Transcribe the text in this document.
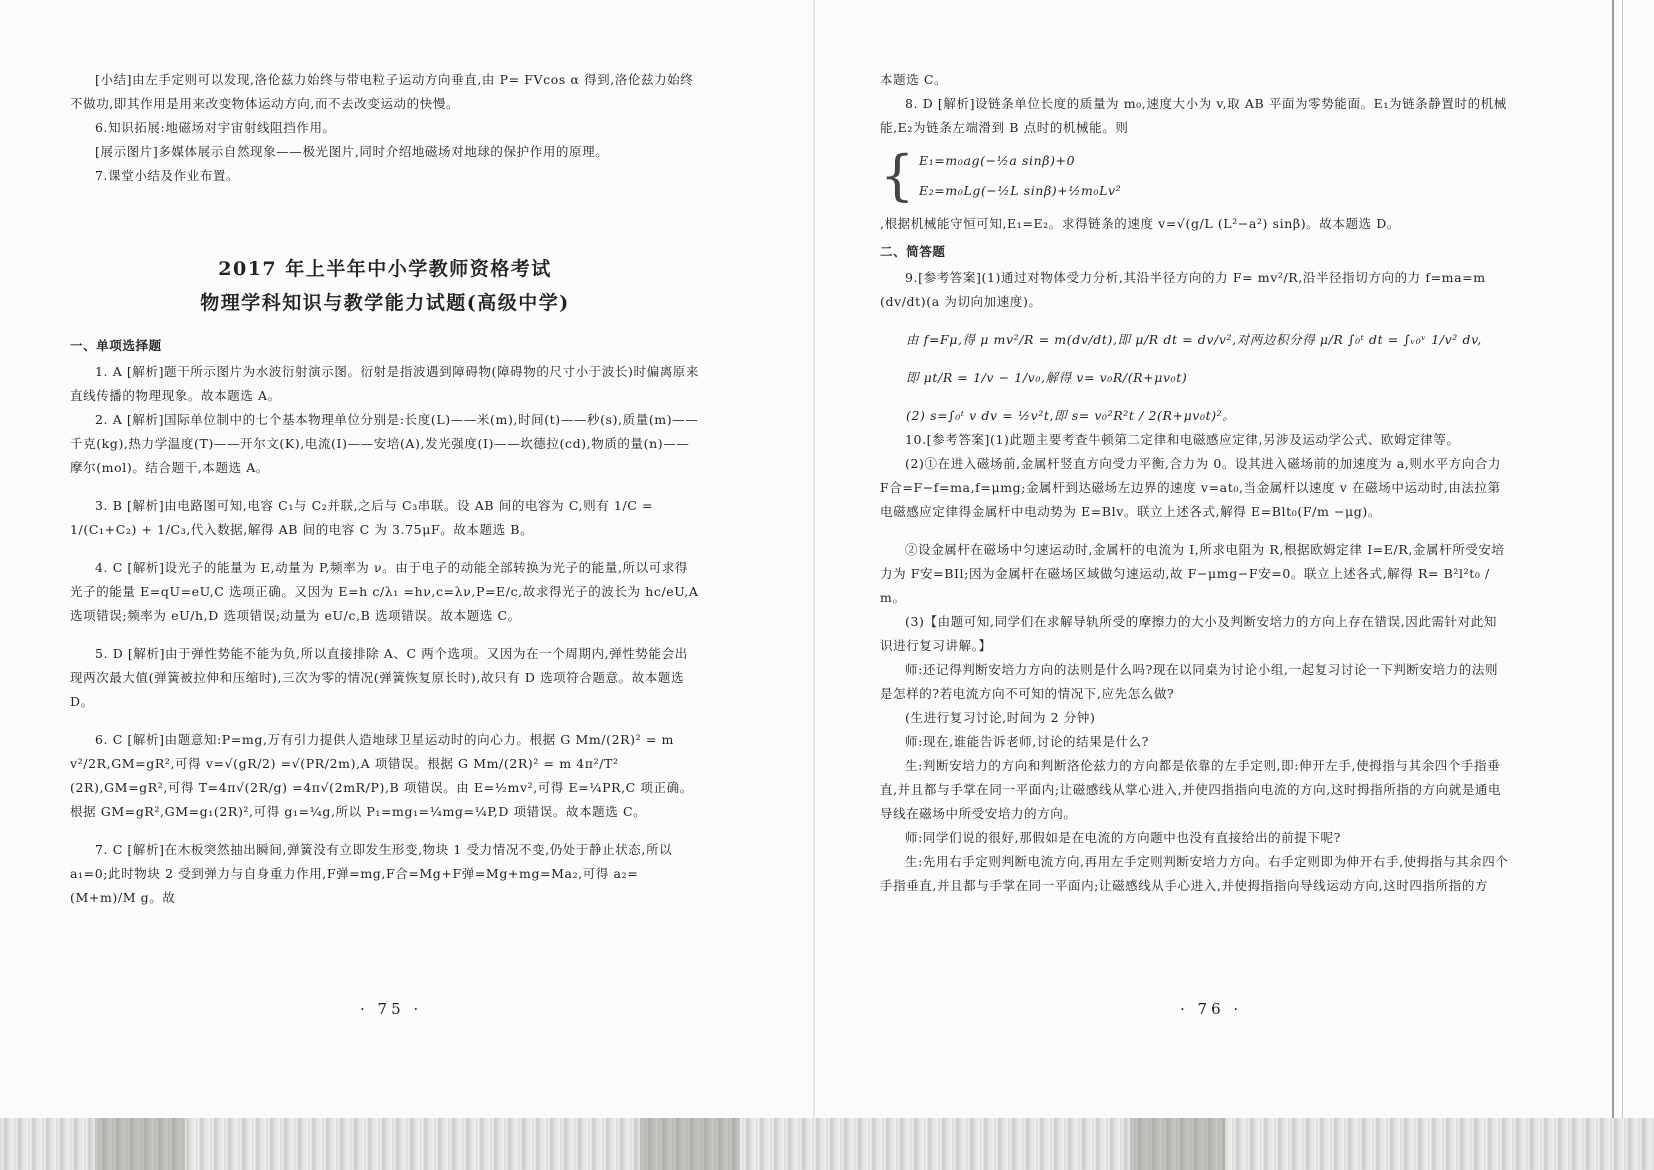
[小结]由左手定则可以发现,洛伦兹力始终与带电粒子运动方向垂直,由 P= FVcos α 得到,洛伦兹力始终不做功,即其作用是用来改变物体运动方向,而不去改变运动的快慢。

6.知识拓展:地磁场对宇宙射线阻挡作用。

[展示图片]多媒体展示自然现象——极光图片,同时介绍地磁场对地球的保护作用的原理。

7.课堂小结及作业布置。

2017 年上半年中小学教师资格考试
物理学科知识与教学能力试题(高级中学)

一、单项选择题

1. A [解析]题干所示图片为水波衍射演示图。衍射是指波遇到障碍物(障碍物的尺寸小于波长)时偏离原来直线传播的物理现象。故本题选 A。

2. A [解析]国际单位制中的七个基本物理单位分别是:长度(L)——米(m),时间(t)——秒(s),质量(m)——千克(kg),热力学温度(T)——开尔文(K),电流(I)——安培(A),发光强度(I)——坎德拉(cd),物质的量(n)——摩尔(mol)。结合题干,本题选 A。

3. B [解析]由电路图可知,电容 C₁与 C₂并联,之后与 C₃串联。设 AB 间的电容为 C,则有 1/C = 1/(C₁+C₂) + 1/C₃,代入数据,解得 AB 间的电容 C 为 3.75μF。故本题选 B。

4. C [解析]设光子的能量为 E,动量为 P,频率为 ν。由于电子的动能全部转换为光子的能量,所以可求得光子的能量 E=qU=eU,C 选项正确。又因为 E=h c/λ₁ =hν,c=λν,P=E/c,故求得光子的波长为 hc/eU,A 选项错误;频率为 eU/h,D 选项错误;动量为 eU/c,B 选项错误。故本题选 C。

5. D [解析]由于弹性势能不能为负,所以直接排除 A、C 两个选项。又因为在一个周期内,弹性势能会出现两次最大值(弹簧被拉伸和压缩时),三次为零的情况(弹簧恢复原长时),故只有 D 选项符合题意。故本题选 D。

6. C [解析]由题意知:P=mg,万有引力提供人造地球卫星运动时的向心力。根据 G Mm/(2R)² = m v²/2R,GM=gR²,可得 v=√(gR/2) =√(PR/2m),A 项错误。根据 G Mm/(2R)² = m 4π²/T² (2R),GM=gR²,可得 T=4π√(2R/g) =4π√(2mR/P),B 项错误。由 E=½mv²,可得 E=¼PR,C 项正确。根据 GM=gR²,GM=g₁(2R)²,可得 g₁=¼g,所以 P₁=mg₁=¼mg=¼P,D 项错误。故本题选 C。

7. C [解析]在木板突然抽出瞬间,弹簧没有立即发生形变,物块 1 受力情况不变,仍处于静止状态,所以 a₁=0;此时物块 2 受到弹力与自身重力作用,F弹=mg,F合=Mg+F弹=Mg+mg=Ma₂,可得 a₂= (M+m)/M g。故

· 75 ·

本题选 C。

8. D [解析]设链条单位长度的质量为 m₀,速度大小为 v,取 AB 平面为零势能面。E₁为链条静置时的机械能,E₂为链条左端滑到 B 点时的机械能。则

{ E₁=m₀ag(−½a sinβ)+0
E₂=m₀Lg(−½L sinβ)+½m₀Lv²

,根据机械能守恒可知,E₁=E₂。求得链条的速度 v=√(g/L (L²−a²) sinβ)。故本题选 D。

二、简答题

9.[参考答案](1)通过对物体受力分析,其沿半径方向的力 F= mv²/R,沿半径指切方向的力 f=ma=m (dv/dt)(a 为切向加速度)。

由 f=Fμ,得 μ mv²/R = m(dv/dt),即 μ/R dt = dv/v²,对两边积分得 μ/R ∫₀ᵗ dt = ∫ᵥ₀ᵛ 1/v² dv,

即 μt/R = 1/v − 1/v₀,解得 v= v₀R/(R+μv₀t)

(2) s=∫₀ᵗ v dv = ½v²t,即 s= v₀²R²t / 2(R+μv₀t)²。

10.[参考答案](1)此题主要考查牛顿第二定律和电磁感应定律,另涉及运动学公式、欧姆定律等。

(2)①在进入磁场前,金属杆竖直方向受力平衡,合力为 0。设其进入磁场前的加速度为 a,则水平方向合力 F合=F−f=ma,f=μmg;金属杆到达磁场左边界的速度 v=at₀,当金属杆以速度 v 在磁场中运动时,由法拉第电磁感应定律得金属杆中电动势为 E=Blv。联立上述各式,解得 E=Blt₀(F/m −μg)。

②设金属杆在磁场中匀速运动时,金属杆的电流为 I,所求电阻为 R,根据欧姆定律 I=E/R,金属杆所受安培力为 F安=BIl;因为金属杆在磁场区域做匀速运动,故 F−μmg−F安=0。联立上述各式,解得 R= B²l²t₀ / m。

(3)【由题可知,同学们在求解导轨所受的摩擦力的大小及判断安培力的方向上存在错误,因此需针对此知识进行复习讲解。】

师:还记得判断安培力方向的法则是什么吗?现在以同桌为讨论小组,一起复习讨论一下判断安培力的法则是怎样的?若电流方向不可知的情况下,应先怎么做?

(生进行复习讨论,时间为 2 分钟)

师:现在,谁能告诉老师,讨论的结果是什么?

生:判断安培力的方向和判断洛伦兹力的方向都是依靠的左手定则,即:伸开左手,使拇指与其余四个手指垂直,并且都与手掌在同一平面内;让磁感线从掌心进入,并使四指指向电流的方向,这时拇指所指的方向就是通电导线在磁场中所受安培力的方向。

师:同学们说的很好,那假如是在电流的方向题中也没有直接给出的前提下呢?

生:先用右手定则判断电流方向,再用左手定则判断安培力方向。右手定则即为伸开右手,使拇指与其余四个手指垂直,并且都与手掌在同一平面内;让磁感线从手心进入,并使拇指指向导线运动方向,这时四指所指的方

· 76 ·
